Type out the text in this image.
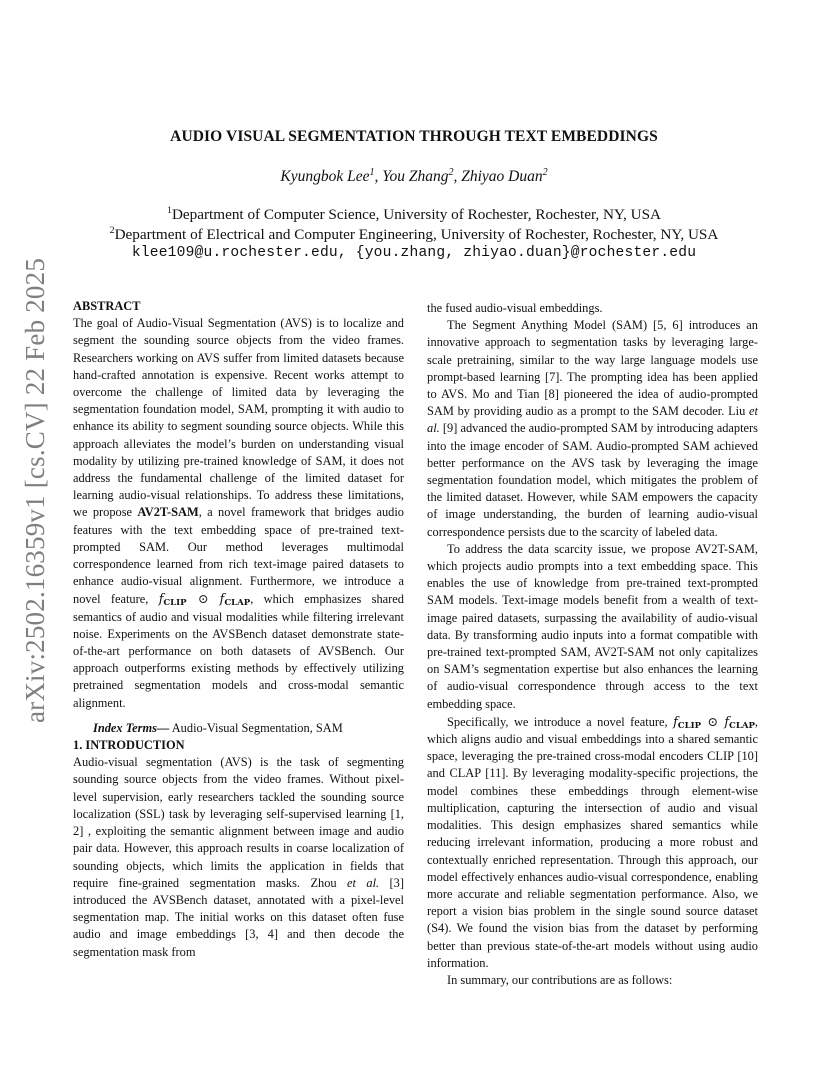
arXiv:2502.16359v1 [cs.CV] 22 Feb 2025
AUDIO VISUAL SEGMENTATION THROUGH TEXT EMBEDDINGS
Kyungbok Lee$^1$, You Zhang$^2$, Zhiyao Duan$^2$
$^1$Department of Computer Science, University of Rochester, Rochester, NY, USA
$^2$Department of Electrical and Computer Engineering, University of Rochester, Rochester, NY, USA
klee109@u.rochester.edu, {you.zhang, zhiyao.duan}@rochester.edu

ABSTRACT

The goal of Audio-Visual Segmentation (AVS) is to localize and segment the sounding source objects from the video frames. Researchers working on AVS suffer from limited datasets because hand-crafted annotation is expensive. Recent works attempt to overcome the challenge of limited data by leveraging the segmentation foundation model, SAM, prompting it with audio to enhance its ability to segment sounding source objects. While this approach alleviates the model’s burden on understanding visual modality by utilizing pre-trained knowledge of SAM, it does not address the fundamental challenge of the limited dataset for learning audio-visual relationships. To address these limitations, we propose AV2T-SAM, a novel framework that bridges audio features with the text embedding space of pre-trained text-prompted SAM. Our method leverages multimodal correspondence learned from rich text-image paired datasets to enhance audio-visual alignment. Furthermore, we introduce a novel feature, $f_{CLIP}$ ⊙ $f_{CLAP}$, which emphasizes shared semantics of audio and visual modalities while filtering irrelevant noise. Experiments on the AVSBench dataset demonstrate state-of-the-art performance on both datasets of AVSBench. Our approach outperforms existing methods by effectively utilizing pretrained segmentation models and cross-modal semantic alignment.

Index Terms— Audio-Visual Segmentation, SAM

1. INTRODUCTION

Audio-visual segmentation (AVS) is the task of segmenting sounding source objects from the video frames. Without pixel-level supervision, early researchers tackled the sounding source localization (SSL) task by leveraging self-supervised learning [1, 2] , exploiting the semantic alignment between image and audio pair data. However, this approach results in coarse localization of sounding objects, which limits the application in fields that require fine-grained segmentation masks. Zhou et al. [3] introduced the AVSBench dataset, annotated with a pixel-level segmentation map. The initial works on this dataset often fuse audio and image embeddings [3, 4] and then decode the segmentation mask from

the fused audio-visual embeddings.

The Segment Anything Model (SAM) [5, 6] introduces an innovative approach to segmentation tasks by leveraging large-scale pretraining, similar to the way large language models use prompt-based learning [7]. The prompting idea has been applied to AVS. Mo and Tian [8] pioneered the idea of audio-prompted SAM by providing audio as a prompt to the SAM decoder. Liu et al. [9] advanced the audio-prompted SAM by introducing adapters into the image encoder of SAM. Audio-prompted SAM achieved better performance on the AVS task by leveraging the image segmentation foundation model, which mitigates the problem of the limited dataset. However, while SAM empowers the capacity of image understanding, the burden of learning audio-visual correspondence persists due to the scarcity of labeled data.

To address the data scarcity issue, we propose AV2T-SAM, which projects audio prompts into a text embedding space. This enables the use of knowledge from pre-trained text-prompted SAM models. Text-image models benefit from a wealth of text-image paired datasets, surpassing the availability of audio-visual data. By transforming audio inputs into a format compatible with pre-trained text-prompted SAM, AV2T-SAM not only capitalizes on SAM’s segmentation expertise but also enhances the learning of audio-visual correspondence through access to the text embedding space.

Specifically, we introduce a novel feature, $f_{CLIP}$ ⊙ $f_{CLAP}$, which aligns audio and visual embeddings into a shared semantic space, leveraging the pre-trained cross-modal encoders CLIP [10] and CLAP [11]. By leveraging modality-specific projections, the model combines these embeddings through element-wise multiplication, capturing the intersection of audio and visual modalities. This design emphasizes shared semantics while reducing irrelevant information, producing a more robust and contextually enriched representation. Through this approach, our model effectively enhances audio-visual correspondence, enabling more accurate and reliable segmentation performance. Also, we report a vision bias problem in the single sound source dataset (S4). We found the vision bias from the dataset by performing better than previous state-of-the-art models without using audio information.

In summary, our contributions are as follows:
